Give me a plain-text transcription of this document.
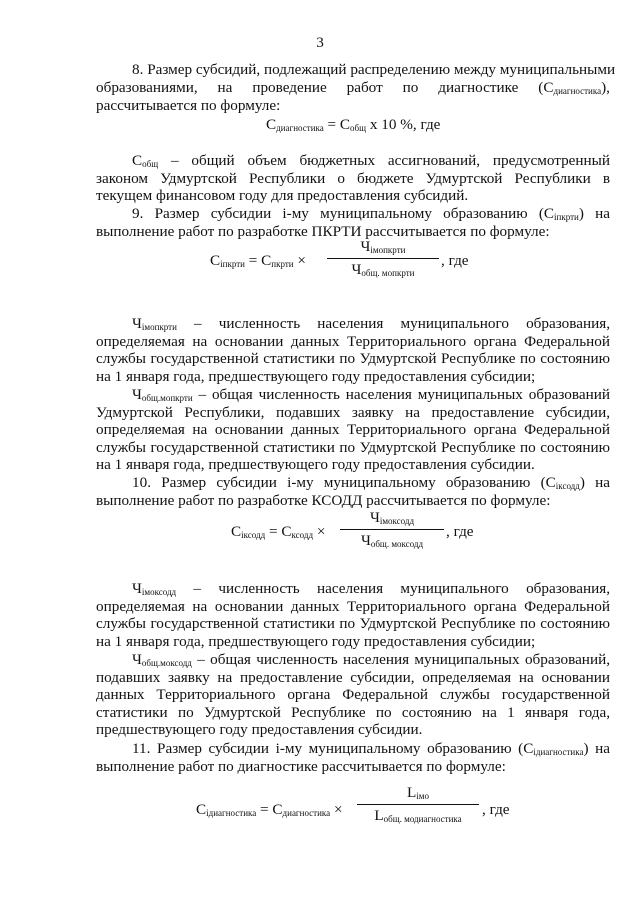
3

8. Размер субсидий, подлежащий распределению между муниципальными

образованиями, на проведение работ по диагностике $(С_{диагностика})$,
рассчитывается по формуле:
$С_{диагностика} = С_{общ}$ х 10 %, где
$С_{общ}$ – общий объем бюджетных ассигнований, предусмотренный законом Удмуртской Республики о бюджете Удмуртской Республики в текущем финансовом году для предоставления субсидий.
9. Размер субсидии i-му муниципальному образованию $(С_{iпкрти})$ на выполнение работ по разработке ПКРТИ рассчитывается по формуле:
$С_{iпкрти} = С_{пкрти}$ ×
$Ч_{iмопкрти}$
$Ч_{общ. мопкрти}$
, где
$Ч_{iмопкрти}$ – численность населения муниципального образования, определяемая на основании данных Территориального органа Федеральной службы государственной статистики по Удмуртской Республике по состоянию на 1 января года, предшествующего году предоставления субсидии;
$Ч_{общ.мопкрти}$ – общая численность населения муниципальных образований Удмуртской Республики, подавших заявку на предоставление субсидии, определяемая на основании данных Территориального органа Федеральной службы государственной статистики по Удмуртской Республике по состоянию на 1 января года, предшествующего году предоставления субсидии.
10. Размер субсидии i-му муниципальному образованию $(С_{iксодд})$ на выполнение работ по разработке КСОДД рассчитывается по формуле:
$С_{iксодд} = С_{ксодд}$ ×
$Ч_{iмоксодд}$
$Ч_{общ. моксодд}$
, где
$Ч_{iмоксодд}$ – численность населения муниципального образования, определяемая на основании данных Территориального органа Федеральной службы государственной статистики по Удмуртской Республике по состоянию на 1 января года, предшествующего году предоставления субсидии;
$Ч_{общ.моксодд}$ – общая численность населения муниципальных образований, подавших заявку на предоставление субсидии, определяемая на основании данных Территориального органа Федеральной службы государственной статистики по Удмуртской Республике по состоянию на 1 января года, предшествующего году предоставления субсидии.
11. Размер субсидии i-му муниципальному образованию $(С_{iдиагностика})$ на выполнение работ по диагностике рассчитывается по формуле:
$С_{iдиагностика} = С_{диагностика}$ ×
$L_{iмо}$
$L_{общ. модиагностика}$
, где
